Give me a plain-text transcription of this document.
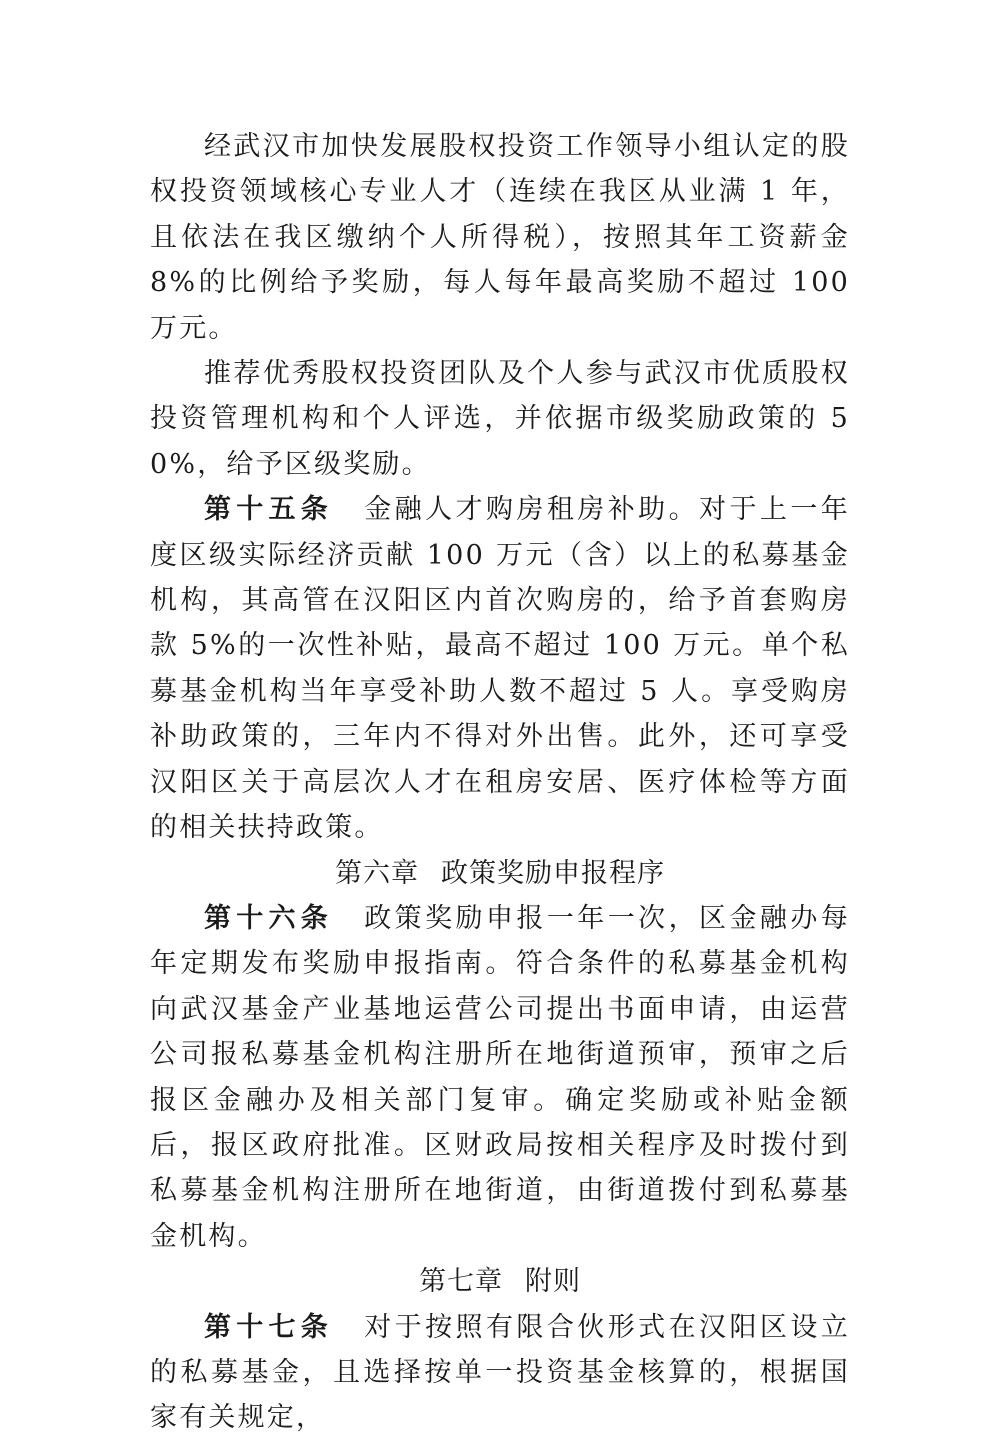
经武汉市加快发展股权投资工作领导小组认定的股权投资领域核心专业人才（连续在我区从业满 1 年，且依法在我区缴纳个人所得税），按照其年工资薪金 8%的比例给予奖励，每人每年最高奖励不超过 100 万元。

推荐优秀股权投资团队及个人参与武汉市优质股权投资管理机构和个人评选，并依据市级奖励政策的 50%，给予区级奖励。

第十五条 金融人才购房租房补助。对于上一年度区级实际经济贡献 100 万元（含）以上的私募基金机构，其高管在汉阳区内首次购房的，给予首套购房款 5%的一次性补贴，最高不超过 100 万元。单个私募基金机构当年享受补助人数不超过 5 人。享受购房补助政策的，三年内不得对外出售。此外，还可享受汉阳区关于高层次人才在租房安居、医疗体检等方面的相关扶持政策。

第六章 政策奖励申报程序

第十六条 政策奖励申报一年一次，区金融办每年定期发布奖励申报指南。符合条件的私募基金机构向武汉基金产业基地运营公司提出书面申请，由运营公司报私募基金机构注册所在地街道预审，预审之后报区金融办及相关部门复审。确定奖励或补贴金额后，报区政府批准。区财政局按相关程序及时拨付到私募基金机构注册所在地街道，由街道拨付到私募基金机构。

第七章 附则

第十七条 对于按照有限合伙形式在汉阳区设立的私募基金，且选择按单一投资基金核算的，根据国家有关规定，
